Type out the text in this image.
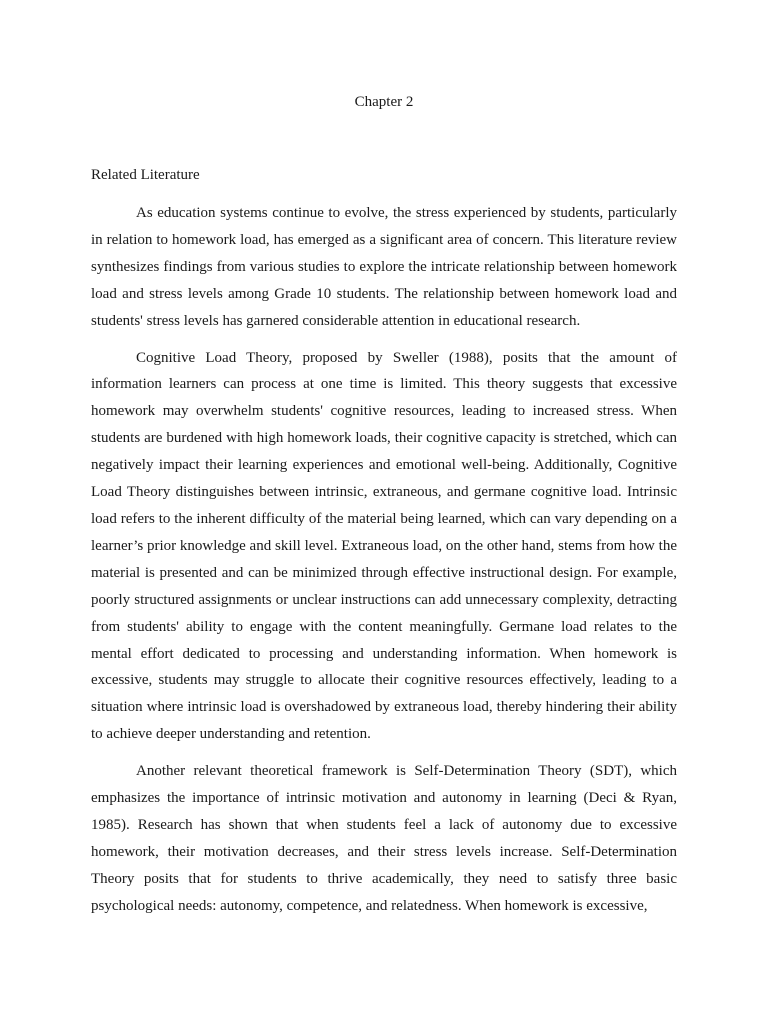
Chapter 2
Related Literature

As education systems continue to evolve, the stress experienced by students, particularly in relation to homework load, has emerged as a significant area of concern. This literature review synthesizes findings from various studies to explore the intricate relationship between homework load and stress levels among Grade 10 students. The relationship between homework load and students' stress levels has garnered considerable attention in educational research.

Cognitive Load Theory, proposed by Sweller (1988), posits that the amount of information learners can process at one time is limited. This theory suggests that excessive homework may overwhelm students' cognitive resources, leading to increased stress. When students are burdened with high homework loads, their cognitive capacity is stretched, which can negatively impact their learning experiences and emotional well-being. Additionally, Cognitive Load Theory distinguishes between intrinsic, extraneous, and germane cognitive load. Intrinsic load refers to the inherent difficulty of the material being learned, which can vary depending on a learner’s prior knowledge and skill level. Extraneous load, on the other hand, stems from how the material is presented and can be minimized through effective instructional design. For example, poorly structured assignments or unclear instructions can add unnecessary complexity, detracting from students' ability to engage with the content meaningfully. Germane load relates to the mental effort dedicated to processing and understanding information. When homework is excessive, students may struggle to allocate their cognitive resources effectively, leading to a situation where intrinsic load is overshadowed by extraneous load, thereby hindering their ability to achieve deeper understanding and retention.

Another relevant theoretical framework is Self-Determination Theory (SDT), which emphasizes the importance of intrinsic motivation and autonomy in learning (Deci & Ryan, 1985). Research has shown that when students feel a lack of autonomy due to excessive homework, their motivation decreases, and their stress levels increase. Self-Determination Theory posits that for students to thrive academically, they need to satisfy three basic psychological needs: autonomy, competence, and relatedness. When homework is excessive,
